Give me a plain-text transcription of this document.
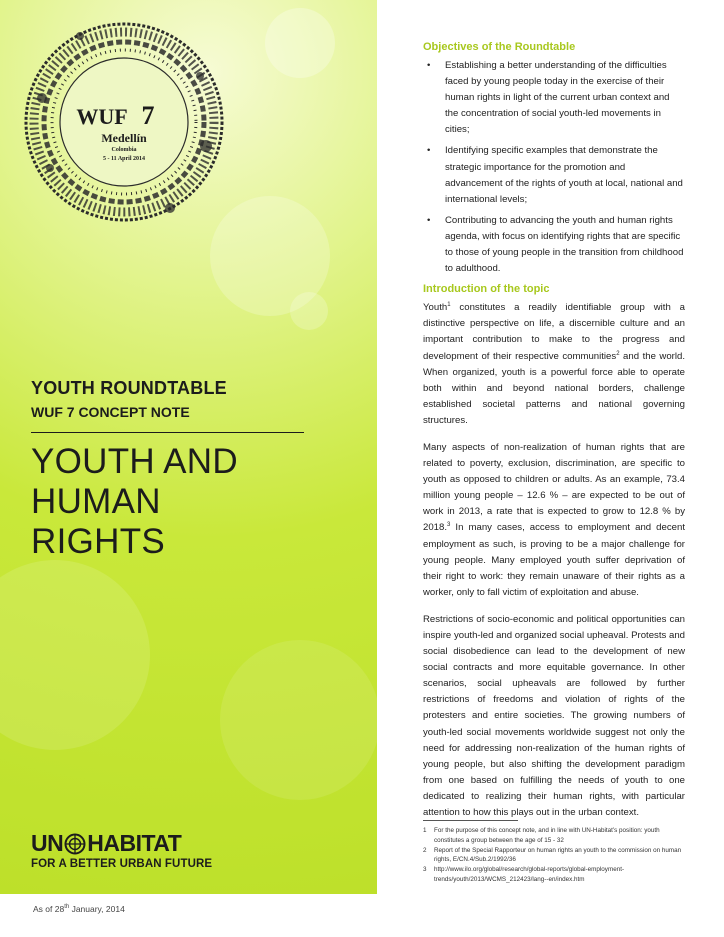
WUF 7
Medellín
Colombia
5 - 11 April 2014
YOUTH ROUNDTABLE
WUF 7 CONCEPT NOTE
YOUTH AND
HUMAN RIGHTS
UN HABITAT
FOR A BETTER URBAN FUTURE
Objectives of the Roundtable
• Establishing a better understanding of the difficulties faced by young people today in the exercise of their human rights in light of the current urban context and the concentration of social youth-led movements in cities;
• Identifying specific examples that demonstrate the strategic importance for the promotion and advancement of the rights of youth at local, national and international levels;
• Contributing to advancing the youth and human rights agenda, with focus on identifying rights that are specific to those of young people in the transition from childhood to adulthood.
Introduction of the topic

Youth$^1$ constitutes a readily identifiable group with a distinctive perspective on life, a discernible culture and an important contribution to make to the progress and development of their respective communities$^2$ and the world. When organized, youth is a powerful force able to operate both within and beyond national borders, challenge established societal patterns and national governing structures.

Many aspects of non-realization of human rights that are related to poverty, exclusion, discrimination, are specific to youth as opposed to children or adults. As an example, 73.4 million young people – 12.6 % – are expected to be out of work in 2013, a rate that is expected to grow to 12.8 % by 2018.$^3$ In many cases, access to employment and decent employment as such, is proving to be a major challenge for young people. Many employed youth suffer deprivation of their right to work: they remain unaware of their rights as a worker, only to fall victim of exploitation and abuse.

Restrictions of socio-economic and political opportunities can inspire youth-led and organized social upheaval. Protests and social disobedience can lead to the development of new social contracts and more equitable governance. In other scenarios, social upheavals are followed by further restrictions of freedoms and violation of rights of the protesters and entire societies. The growing numbers of youth-led social movements worldwide suggest not only the need for addressing non-realization of the human rights of young people, but also shifting the development paradigm from one based on fulfilling the needs of youth to one dedicated to realizing their human rights, with particular attention to how this plays out in the urban context.

1 For the purpose of this concept note, and in line with UN-Habitat’s position: youth constitutes a group between the age of 15 - 32
2 Report of the Special Rapporteur on human rights an youth to the commission on human rights, E/CN.4/Sub.2/1992/36
3 http://www.ilo.org/global/research/global-reports/global-employment-trends/youth/2013/WCMS_212423/lang--en/index.htm
As of 28th January, 2014
